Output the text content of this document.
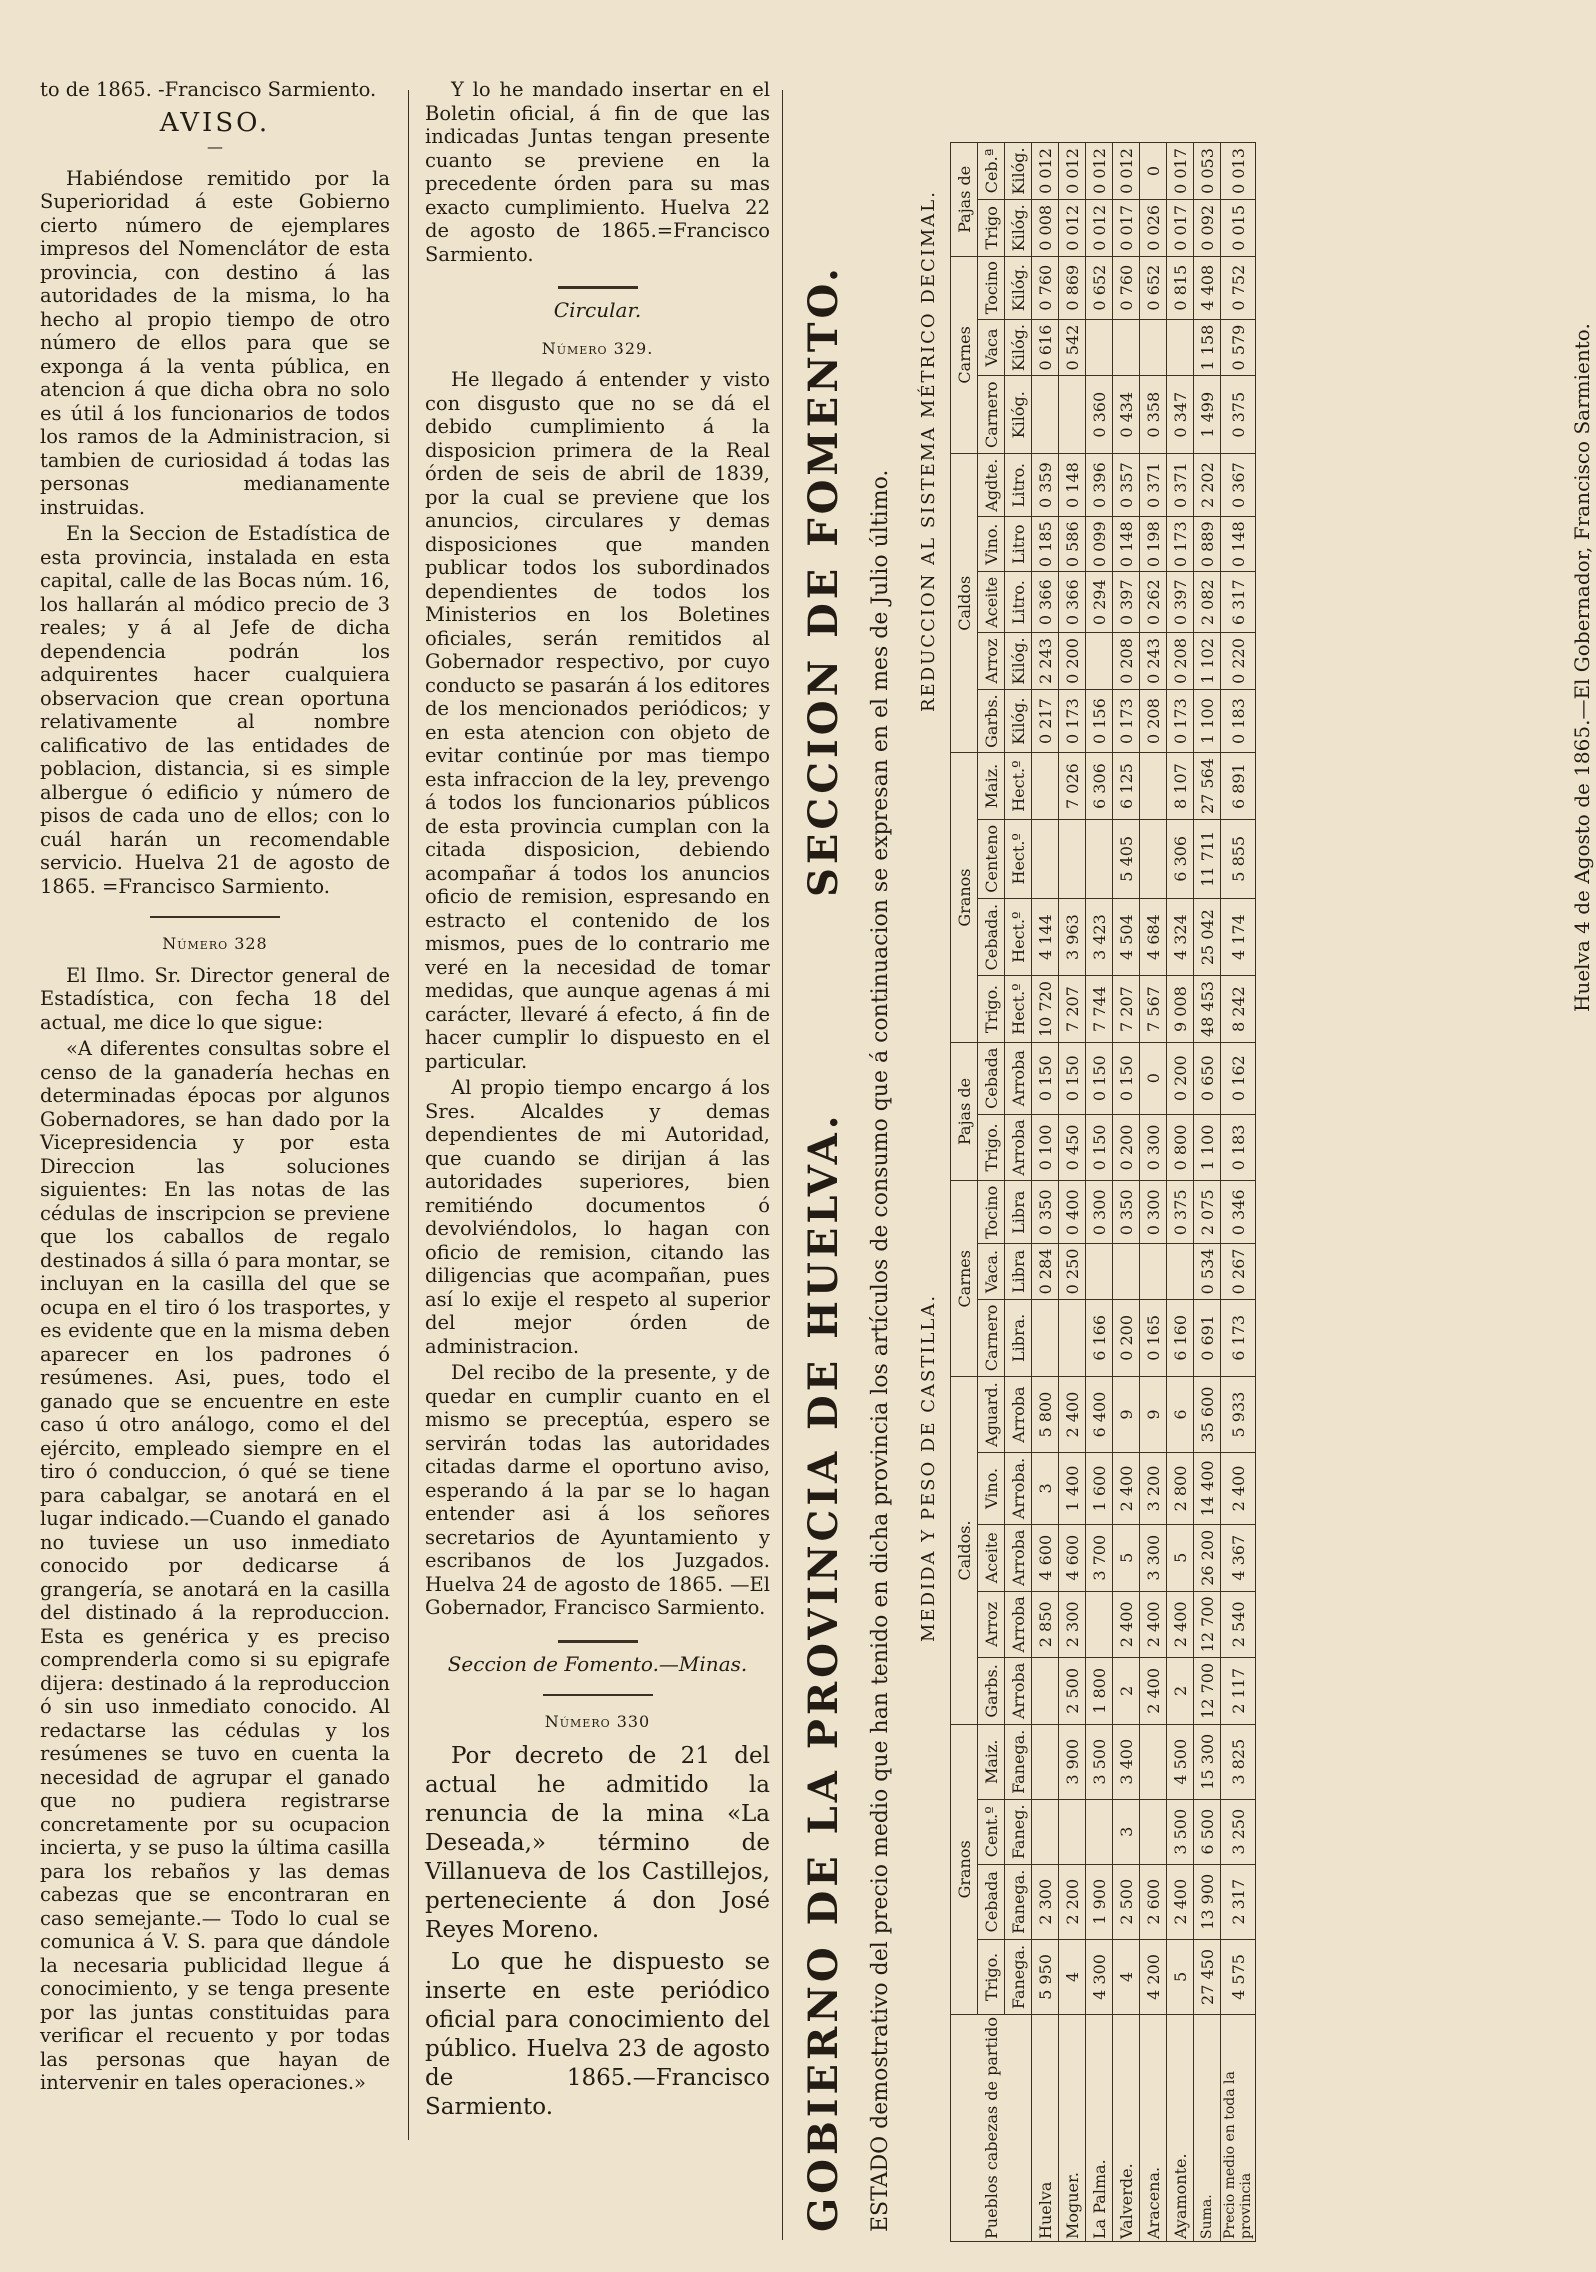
to de 1865. -Francisco Sarmiento.
AVISO.
—

Habiéndose remitido por la Superioridad á este Gobierno cierto número de ejemplares impresos del Nomenclátor de esta provincia, con destino á las autoridades de la misma, lo ha hecho al propio tiempo de otro número de ellos para que se exponga á la venta pública, en atencion á que dicha obra no solo es útil á los funcionarios de todos los ramos de la Administracion, si tambien de curiosidad á todas las personas medianamente instruidas.

En la Seccion de Estadística de esta provincia, instalada en esta capital, calle de las Bocas núm. 16, los hallarán al módico precio de 3 reales; y á al Jefe de dicha dependencia podrán los adquirentes hacer cualquiera observacion que crean oportuna relativamente al nombre calificativo de las entidades de poblacion, distancia, si es simple albergue ó edificio y número de pisos de cada uno de ellos; con lo cuál harán un recomendable servicio. Huelva 21 de agosto de 1865. =Francisco Sarmiento.

Número 328

El Ilmo. Sr. Director general de Estadística, con fecha 18 del actual, me dice lo que sigue:

«A diferentes consultas sobre el censo de la ganadería hechas en determinadas épocas por algunos Gobernadores, se han dado por la Vicepresidencia y por esta Direccion las soluciones siguientes: En las notas de las cédulas de inscripcion se previene que los caballos de regalo destinados á silla ó para montar, se incluyan en la casilla del que se ocupa en el tiro ó los trasportes, y es evidente que en la misma deben aparecer en los padrones ó resúmenes. Asi, pues, todo el ganado que se encuentre en este caso ú otro análogo, como el del ejército, empleado siempre en el tiro ó conduccion, ó qué se tiene para cabalgar, se anotará en el lugar indicado.—Cuando el ganado no tuviese un uso inmediato conocido por dedicarse á grangería, se anotará en la casilla del distinado á la reproduccion. Esta es genérica y es preciso comprenderla como si su epigrafe dijera: destinado á la reproduccion ó sin uso inmediato conocido. Al redactarse las cédulas y los resúmenes se tuvo en cuenta la necesidad de agrupar el ganado que no pudiera registrarse concretamente por su ocupacion incierta, y se puso la última casilla para los rebaños y las demas cabezas que se encontraran en caso semejante.— Todo lo cual se comunica á V. S. para que dándole la necesaria publicidad llegue á conocimiento, y se tenga presente por las juntas constituidas para verificar el recuento y por todas las personas que hayan de intervenir en tales operaciones.»

Y lo he mandado insertar en el Boletin oficial, á fin de que las indicadas Juntas tengan presente cuanto se previene en la precedente órden para su mas exacto cumplimiento. Huelva 22 de agosto de 1865.=Francisco Sarmiento.

Circular.
Número 329.

He llegado á entender y visto con disgusto que no se dá el debido cumplimiento á la disposicion primera de la Real órden de seis de abril de 1839, por la cual se previene que los anuncios, circulares y demas disposiciones que manden publicar todos los subordinados dependientes de todos los Ministerios en los Boletines oficiales, serán remitidos al Gobernador respectivo, por cuyo conducto se pasarán á los editores de los mencionados periódicos; y en esta atencion con objeto de evitar continúe por mas tiempo esta infraccion de la ley, prevengo á todos los funcionarios públicos de esta provincia cumplan con la citada disposicion, debiendo acompañar á todos los anuncios oficio de remision, espresando en estracto el contenido de los mismos, pues de lo contrario me veré en la necesidad de tomar medidas, que aunque agenas á mi carácter, llevaré á efecto, á fin de hacer cumplir lo dispuesto en el particular.

Al propio tiempo encargo á los Sres. Alcaldes y demas dependientes de mi Autoridad, que cuando se dirijan á las autoridades superiores, bien remitiéndo documentos ó devolviéndolos, lo hagan con oficio de remision, citando las diligencias que acompañan, pues así lo exije el respeto al superior del mejor órden de administracion.

Del recibo de la presente, y de quedar en cumplir cuanto en el mismo se preceptúa, espero se servirán todas las autoridades citadas darme el oportuno aviso, esperando á la par se lo hagan entender asi á los señores secretarios de Ayuntamiento y escribanos de los Juzgados. Huelva 24 de agosto de 1865. —El Gobernador, Francisco Sarmiento.

Seccion de Fomento.—Minas.
Número 330

Por decreto de 21 del actual he admitido la renuncia de la mina «La Deseada,» término de Villanueva de los Castillejos, perteneciente á don José Reyes Moreno.

Lo que he dispuesto se inserte en este periódico oficial para conocimiento del público. Huelva 23 de agosto de 1865.—Francisco Sarmiento.	GOBIERNO DE LA PROVINCIA DE HUELVA.
SECCION DE FOMENTO. ESTADO demostrativo del precio medio que han tenido en dicha provincia los artículos de consumo que á continuacion se expresan en el mes de Julio último. MEDIDA Y PESO DE CASTILLA.
REDUCCION AL SISTEMA MÉTRICO DECIMAL.
Pueblos cabezas de partido	Granos				Caldos.					Carnes			Pajas de		Granos				Caldos					Carnes			Pajas de	
	Trigo.	Cebada	Cent.º	Maiz.	Garbs.	Arroz	Aceite	Vino.	Aguard.	Carnero	Vaca.	Tocino	Trigo.	Cebada	Trigo.	Cebada.	Centeno	Maiz.	Garbs.	Arroz	Aceite	Vino.	Agdte.	Carnero	Vaca	Tocino	Trigo	Ceb.ª
	Fanega.	Fanega.	Faneg.	Fanega.	Arroba	Arroba	Arroba	Arroba.	Arroba	Libra.	Libra	Libra	Arroba	Arroba	Hect.º	Hect.º	Hect.º	Hect.º	Kilóg.	Kilóg.	Litro.	Litro	Litro.	Kilóg.	Kilóg.	Kilóg.	Kilóg.	Kilóg.
Huelva	5 950	2 300				2 850	4 600	3	5 800		0 284	0 350	0 100	0 150	10 720	4 144			0 217	2 243	0 366	0 185	0 359		0 616	0 760	0 008	0 012
Moguer.	4	2 200		3 900	2 500	2 300	4 600	1 400	2 400		0 250	0 400	0 450	0 150	7 207	3 963		7 026	0 173	0 200	0 366	0 586	0 148		0 542	0 869	0 012	0 012
La Palma.	4 300	1 900		3 500	1 800		3 700	1 600	6 400	6 166		0 300	0 150	0 150	7 744	3 423		6 306	0 156		0 294	0 099	0 396	0 360		0 652	0 012	0 012
Valverde.	4	2 500	3	3 400	2	2 400	5	2 400	9	0 200		0 350	0 200	0 150	7 207	4 504	5 405	6 125	0 173	0 208	0 397	0 148	0 357	0 434		0 760	0 017	0 012
Aracena.	4 200	2 600			2 400	2 400	3 300	3 200	9	0 165		0 300	0 300	0	7 567	4 684			0 208	0 243	0 262	0 198	0 371	0 358		0 652	0 026	0
Ayamonte.	5	2 400	3 500	4 500	2	2 400	5	2 800	6	6 160		0 375	0 800	0 200	9 008	4 324	6 306	8 107	0 173	0 208	0 397	0 173	0 371	0 347		0 815	0 017	0 017
Suma.	27 450	13 900	6 500	15 300	12 700	12 700	26 200	14 400	35 600	0 691	0 534	2 075	1 100	0 650	48 453	25 042	11 711	27 564	1 100	1 102	2 082	0 889	2 202	1 499	1 158	4 408	0 092	0 053
Precio medio en toda la provincia	4 575	2 317	3 250	3 825	2 117	2 540	4 367	2 400	5 933	6 173	0 267	0 346	0 183	0 162	8 242	4 174	5 855	6 891	0 183	0 220	6 317	0 148	0 367	0 375	0 579	0 752	0 015	0 013
Huelva 4 de Agosto de 1865.—El Gobernador, Francisco Sarmiento.
